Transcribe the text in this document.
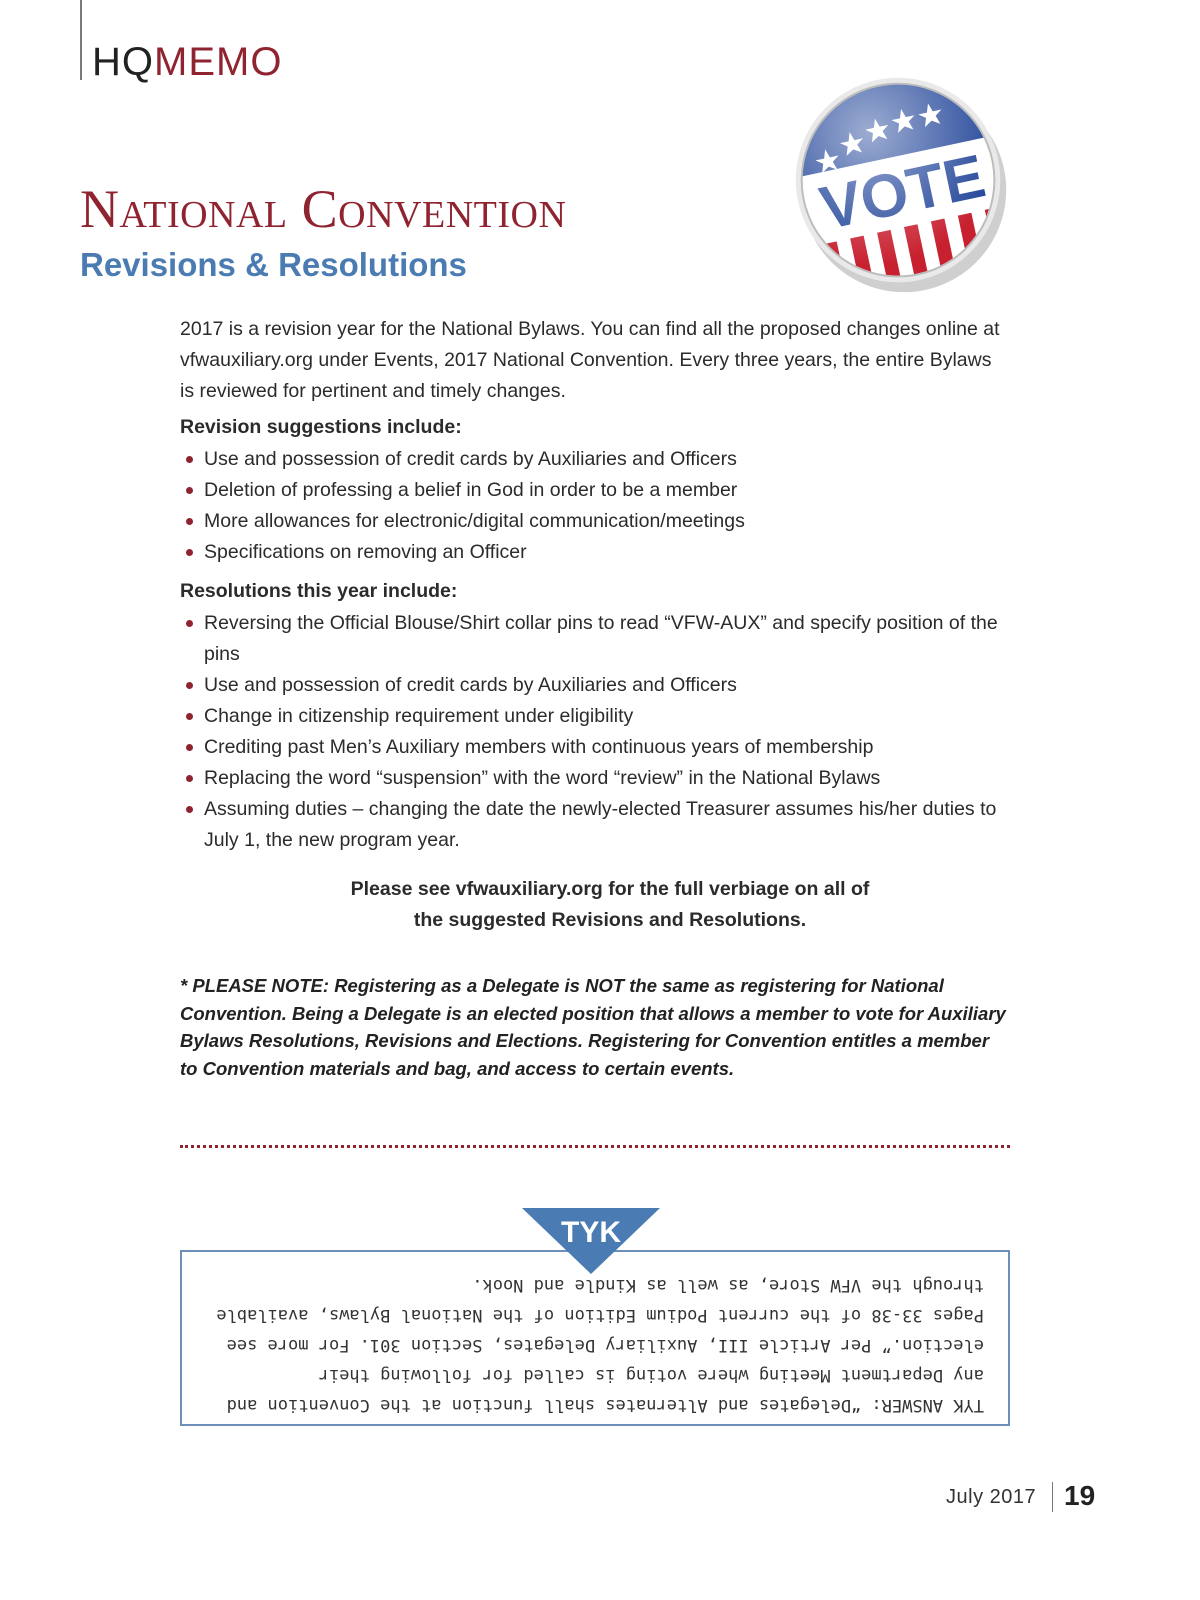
HQMEMO
National Convention
Revisions & Resolutions
2017 is a revision year for the National Bylaws. You can find all the proposed changes online at vfwauxiliary.org under Events, 2017 National Convention. Every three years, the entire Bylaws is reviewed for pertinent and timely changes.
Revision suggestions include:
Use and possession of credit cards by Auxiliaries and Officers
Deletion of professing a belief in God in order to be a member
More allowances for electronic/digital communication/meetings
Specifications on removing an Officer
Resolutions this year include:
Reversing the Official Blouse/Shirt collar pins to read “VFW-AUX” and specify position of the pins
Use and possession of credit cards by Auxiliaries and Officers
Change in citizenship requirement under eligibility
Crediting past Men’s Auxiliary members with continuous years of membership
Replacing the word “suspension” with the word “review” in the National Bylaws
Assuming duties – changing the date the newly-elected Treasurer assumes his/her duties to July 1, the new program year.
Please see vfwauxiliary.org for the full verbiage on all of
the suggested Revisions and Resolutions.
* PLEASE NOTE: Registering as a Delegate is NOT the same as registering for National Convention. Being a Delegate is an elected position that allows a member to vote for Auxiliary Bylaws Resolutions, Revisions and Elections. Registering for Convention entitles a member to Convention materials and bag, and access to certain events.
TYK ANSWER: “Delegates and Alternates shall function at the Convention and any Department Meeting where voting is called for following their election.” Per Article III, Auxiliary Delegates, Section 301. For more see Pages 33-38 of the current Podium Edition of the National Bylaws, available through the VFW Store, as well as Kindle and Nook.
TYK
July 2017 19
